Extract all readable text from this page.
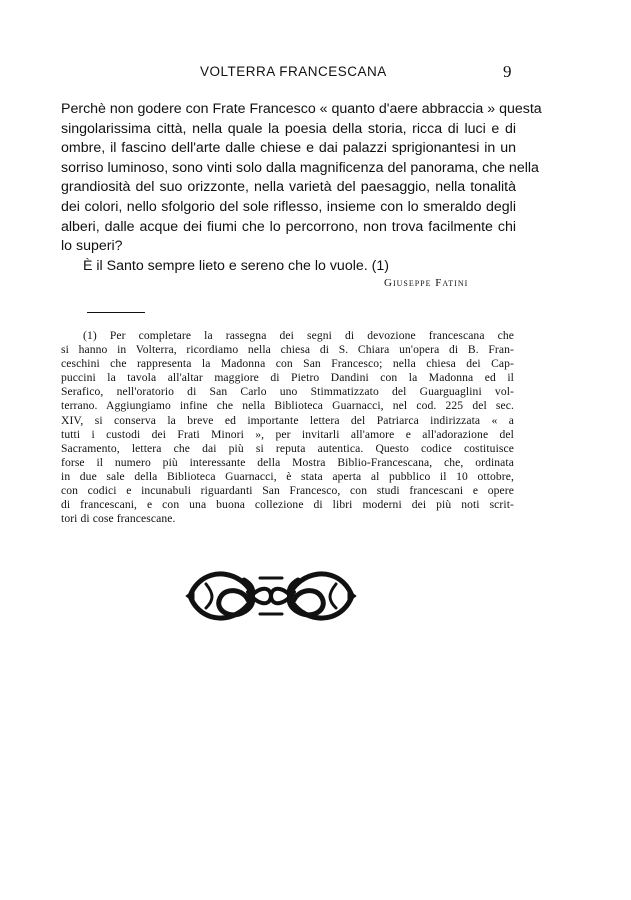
VOLTERRA FRANCESCANA	9

Perchè non godere con Frate Francesco « quanto d'aere abbraccia » questa
singolarissima città, nella quale la poesia della storia, ricca di luci e di
ombre, il fascino dell'arte dalle chiese e dai palazzi sprigionantesi in un
sorriso luminoso, sono vinti solo dalla magnificenza del panorama, che nella
grandiosità del suo orizzonte, nella varietà del paesaggio, nella tonalità
dei colori, nello sfolgorio del sole riflesso, insieme con lo smeraldo degli
alberi, dalle acque dei fiumi che lo percorrono, non trova facilmente chi
lo superi?

È il Santo sempre lieto e sereno che lo vuole. (1)

Giuseppe Fatini
(1) Per completare la rassegna dei segni di devozione francescana che
si hanno in Volterra, ricordiamo nella chiesa di S. Chiara un'opera di B. Fran-
ceschini che rappresenta la Madonna con San Francesco; nella chiesa dei Cap-
puccini la tavola all'altar maggiore di Pietro Dandini con la Madonna ed il
Serafico, nell'oratorio di San Carlo uno Stimmatizzato del Guarguaglini vol-
terrano. Aggiungiamo infine che nella Biblioteca Guarnacci, nel cod. 225 del sec.
XIV, si conserva la breve ed importante lettera del Patriarca indirizzata « a
tutti i custodi dei Frati Minori », per invitarli all'amore e all'adorazione del
Sacramento, lettera che dai più si reputa autentica. Questo codice costituisce
forse il numero più interessante della Mostra Biblio-Francescana, che, ordinata
in due sale della Biblioteca Guarnacci, è stata aperta al pubblico il 10 ottobre,
con codici e incunabuli riguardanti San Francesco, con studi francescani e opere
di francescani, e con una buona collezione di libri moderni dei più noti scrit-
tori di cose francescane.
